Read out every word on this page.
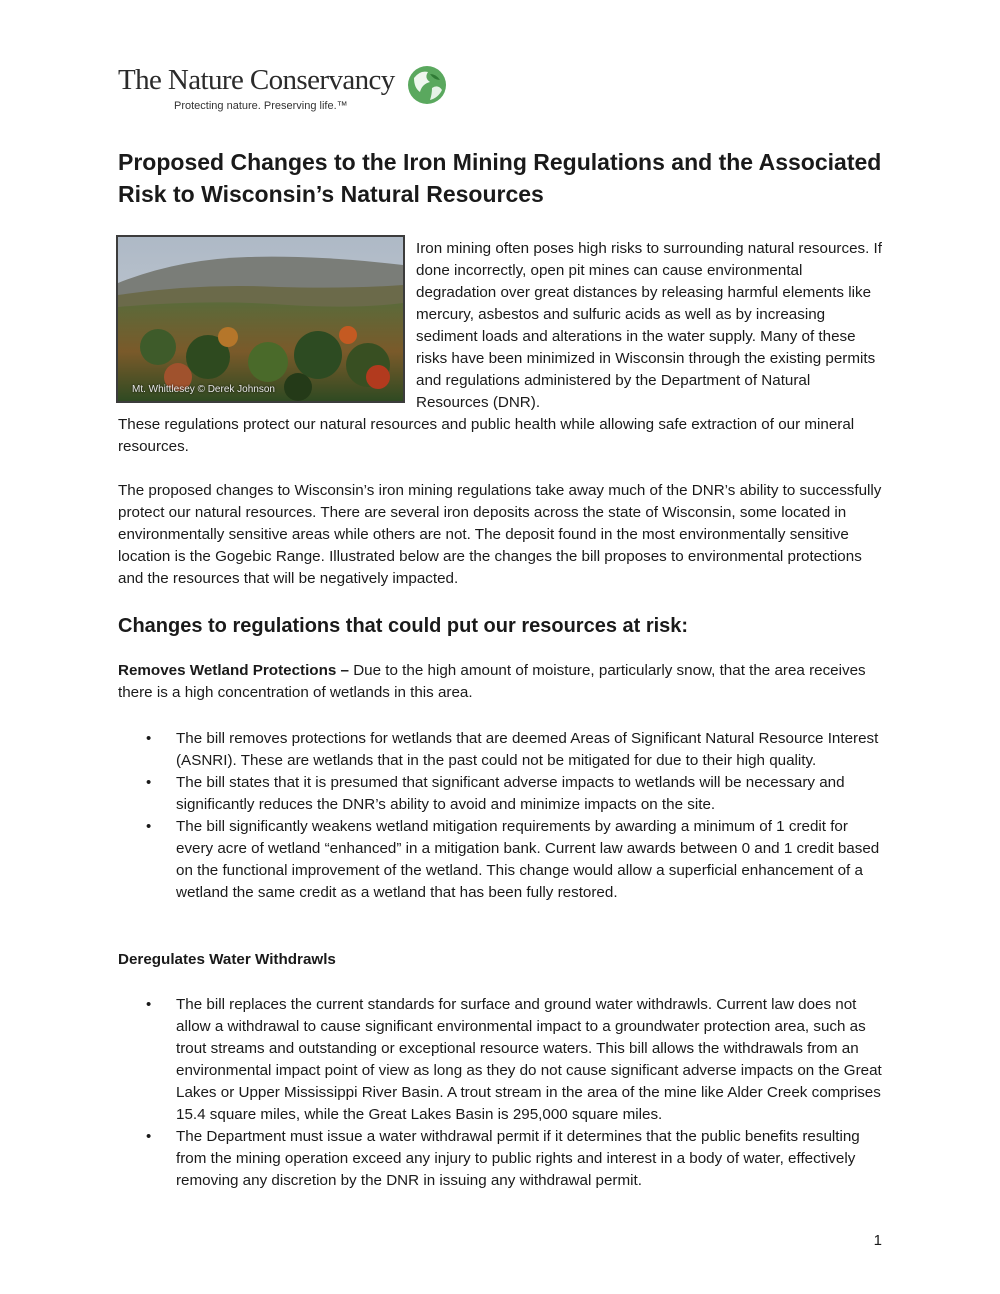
The Nature Conservancy
Protecting nature. Preserving life.™
Proposed Changes to the Iron Mining Regulations and the Associated Risk to Wisconsin’s Natural Resources
Mt. Whittlesey © Derek Johnson

Iron mining often poses high risks to surrounding natural resources. If done incorrectly, open pit mines can cause environmental degradation over great distances by releasing harmful elements like mercury, asbestos and sulfuric acids as well as by increasing sediment loads and alterations in the water supply. Many of these risks have been minimized in Wisconsin through the existing permits and regulations administered by the Department of Natural Resources (DNR).

These regulations protect our natural resources and public health while allowing safe extraction of our mineral resources.

The proposed changes to Wisconsin’s iron mining regulations take away much of the DNR’s ability to successfully protect our natural resources. There are several iron deposits across the state of Wisconsin, some located in environmentally sensitive areas while others are not. The deposit found in the most environmentally sensitive location is the Gogebic Range. Illustrated below are the changes the bill proposes to environmental protections and the resources that will be negatively impacted.

Changes to regulations that could put our resources at risk:

Removes Wetland Protections – Due to the high amount of moisture, particularly snow, that the area receives there is a high concentration of wetlands in this area.

• The bill removes protections for wetlands that are deemed Areas of Significant Natural Resource Interest (ASNRI). These are wetlands that in the past could not be mitigated for due to their high quality.
• The bill states that it is presumed that significant adverse impacts to wetlands will be necessary and significantly reduces the DNR’s ability to avoid and minimize impacts on the site.
• The bill significantly weakens wetland mitigation requirements by awarding a minimum of 1 credit for every acre of wetland “enhanced” in a mitigation bank. Current law awards between 0 and 1 credit based on the functional improvement of the wetland. This change would allow a superficial enhancement of a wetland the same credit as a wetland that has been fully restored.

Deregulates Water Withdrawls

• The bill replaces the current standards for surface and ground water withdrawls. Current law does not allow a withdrawal to cause significant environmental impact to a groundwater protection area, such as trout streams and outstanding or exceptional resource waters. This bill allows the withdrawals from an environmental impact point of view as long as they do not cause significant adverse impacts on the Great Lakes or Upper Mississippi River Basin. A trout stream in the area of the mine like Alder Creek comprises 15.4 square miles, while the Great Lakes Basin is 295,000 square miles.
• The Department must issue a water withdrawal permit if it determines that the public benefits resulting from the mining operation exceed any injury to public rights and interest in a body of water, effectively removing any discretion by the DNR in issuing any withdrawal permit.
1
